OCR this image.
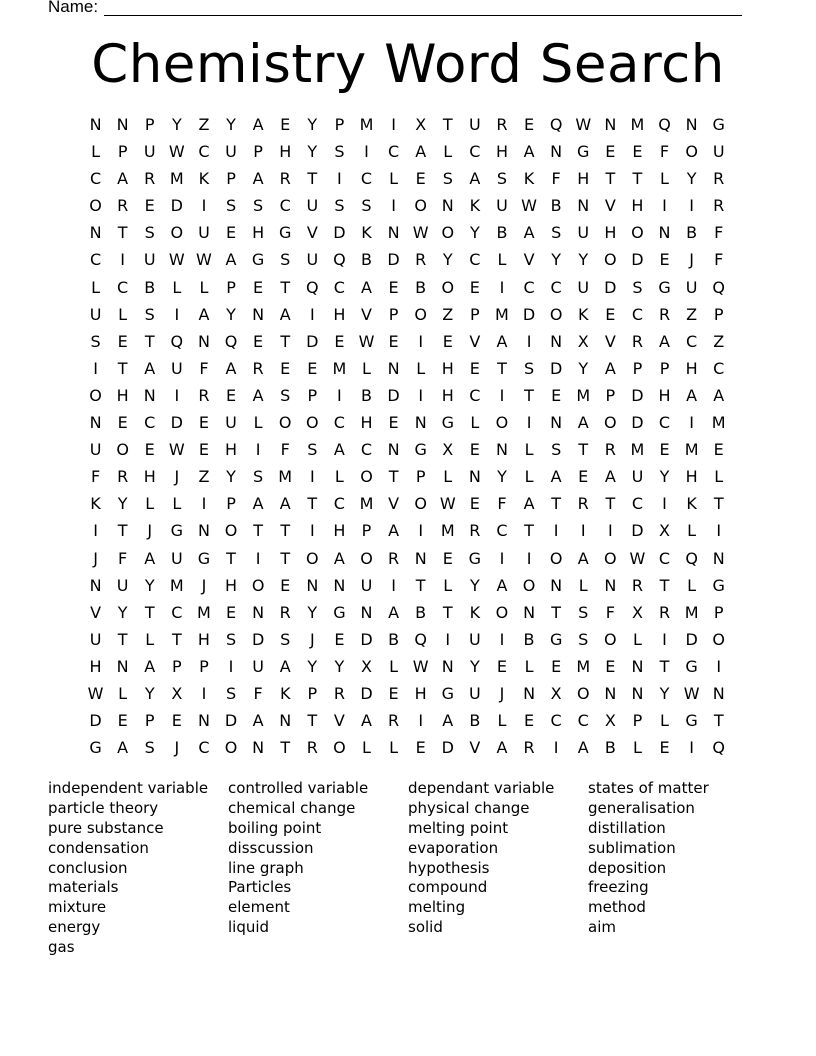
Name:
Chemistry Word Search
N N	P	Y	Z	Y	A	E	Y	P M	I	X	T	U R	E Q W N M Q N G
L	P	U W C U	P	H	Y	S	I	C	A	L	C H A N G E	E	F	O U
C	A	R M K	P	A	R	T	I	C	L	E	S	A	S	K	F	H	T	T	L	Y	R
O R	E D	I	S	S	C U	S	S	I	O N K U W B N V H	I	I	R
N	T	S O U	E	H G V D K N W O Y	B	A	S	U H O N B	F
C	I	U W W A G S	U Q B D R	Y	C	L	V	Y	Y O D E	J	F
L	C	B	L	L	P	E	T Q C	A	E	B O E	I	C C U D S G U Q
U	L	S	I	A	Y	N A	I	H V	P O Z	P M D O K	E	C R	Z	P
S	E	T Q N Q E	T	D E W E	I	E	V	A	I	N X	V	R	A	C	Z
I	T	A U	F	A	R	E	E M L	N	L	H	E	T	S D	Y	A	P	P	H C
O H N	I	R	E	A	S	P	I	B D	I	H C	I	T	E M P	D H A	A
N	E	C D E	U	L	O O C H	E	N G	L	O	I	N A O D C	I	M
U O E W E	H	I	F	S	A	C N G X	E	N	L	S	T	R M E M E
F	R H	J	Z	Y	S M	I	L	O T	P	L	N	Y	L	A	E	A U	Y	H	L
K	Y	L	L	I	P	A	A	T	C M V O W E	F	A	T	R	T	C	I	K	T
I	T	J	G N O T	T	I	H	P	A	I	M R C	T	I	I	I	D X	L	I
J	F	A U G	T	I	T O A O R N	E G	I	I	O A O W C Q N
N U	Y M	J	H O E	N N U	I	T	L	Y	A O N	L	N R	T	L	G
V	Y	T	C M E	N R	Y	G N A	B	T	K O N	T	S	F	X	R M P
U	T	L	T	H	S D S	J	E D B Q	I	U	I	B G S O	L	I	D O
H N A	P	P	I	U A	Y	Y	X	L W N	Y	E	L	E M E	N	T	G	I
W L	Y	X	I	S	F	K	P	R D E	H G U	J	N X O N N	Y W N
D E	P	E	N D A N	T	V	A	R	I	A	B	L	E	C C	X	P	L	G	T
G A	S	J	C O N	T	R O	L	L	E D V	A	R	I	A	B	L	E	I	Q
independent variable
particle theory
pure substance
condensation
conclusion
materials
mixture
energy
gas
controlled variable
chemical change
boiling point
disscussion
line graph
Particles
element
liquid
dependant variable
physical change
melting point
evaporation
hypothesis
compound
melting
solid
states of matter
generalisation
distillation
sublimation
deposition
freezing
method
aim
